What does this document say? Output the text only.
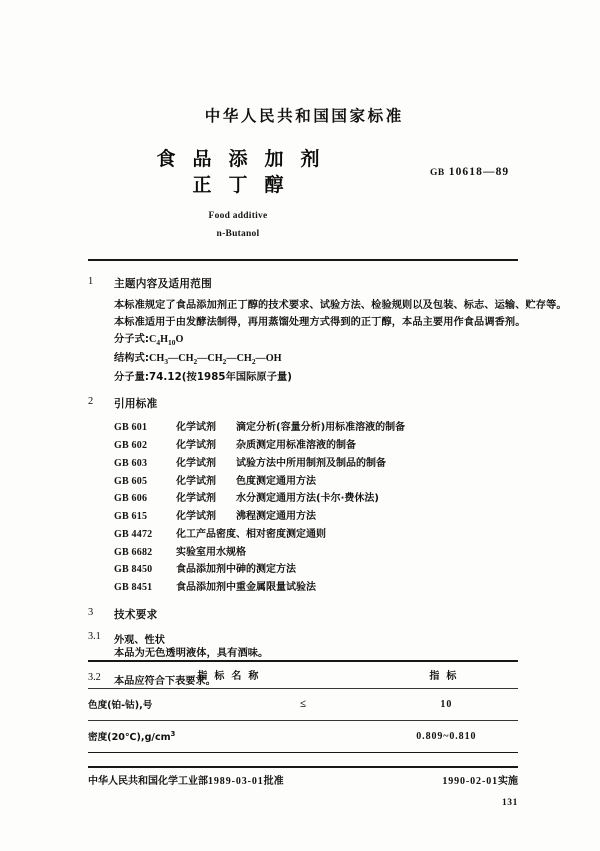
中华人民共和国国家标准
食品添加剂
正丁醇
GB 10618—89
Food additive
n-Butanol
1	主题内容及适用范围
本标准规定了食品添加剂正丁醇的技术要求、试验方法、检验规则以及包装、标志、运输、贮存等。
本标准适用于由发酵法制得，再用蒸馏处理方式得到的正丁醇，本品主要用作食品调香剂。
分子式$:C_4H_{10}O$
结构式$:CH_3—CH_2—CH_2—CH_2—OH$
分子量:74.12(按1985年国际原子量)
2	引用标准
GB 601	化学试剂	滴定分析(容量分析)用标准溶液的制备
GB 602	化学试剂	杂质测定用标准溶液的制备
GB 603	化学试剂	试验方法中所用制剂及制品的制备
GB 605	化学试剂	色度测定通用方法
GB 606	化学试剂	水分测定通用方法(卡尔·费休法)
GB 615	化学试剂	沸程测定通用方法
GB 4472	化工产品密度、相对密度测定通则
GB 6682	实验室用水规格
GB 8450	食品添加剂中砷的测定方法
GB 8451	食品添加剂中重金属限量试验法
3	技术要求
3.1	外观、性状
本品为无色透明液体，具有酒味。
3.2	本品应符合下表要求。

指标名称		指标

色度(铂-钴),号	≤	10

密度$(20℃),g/cm^3$		0.809~0.810

中华人民共和国化学工业部1989-03-01批准	1990-02-01实施
131
